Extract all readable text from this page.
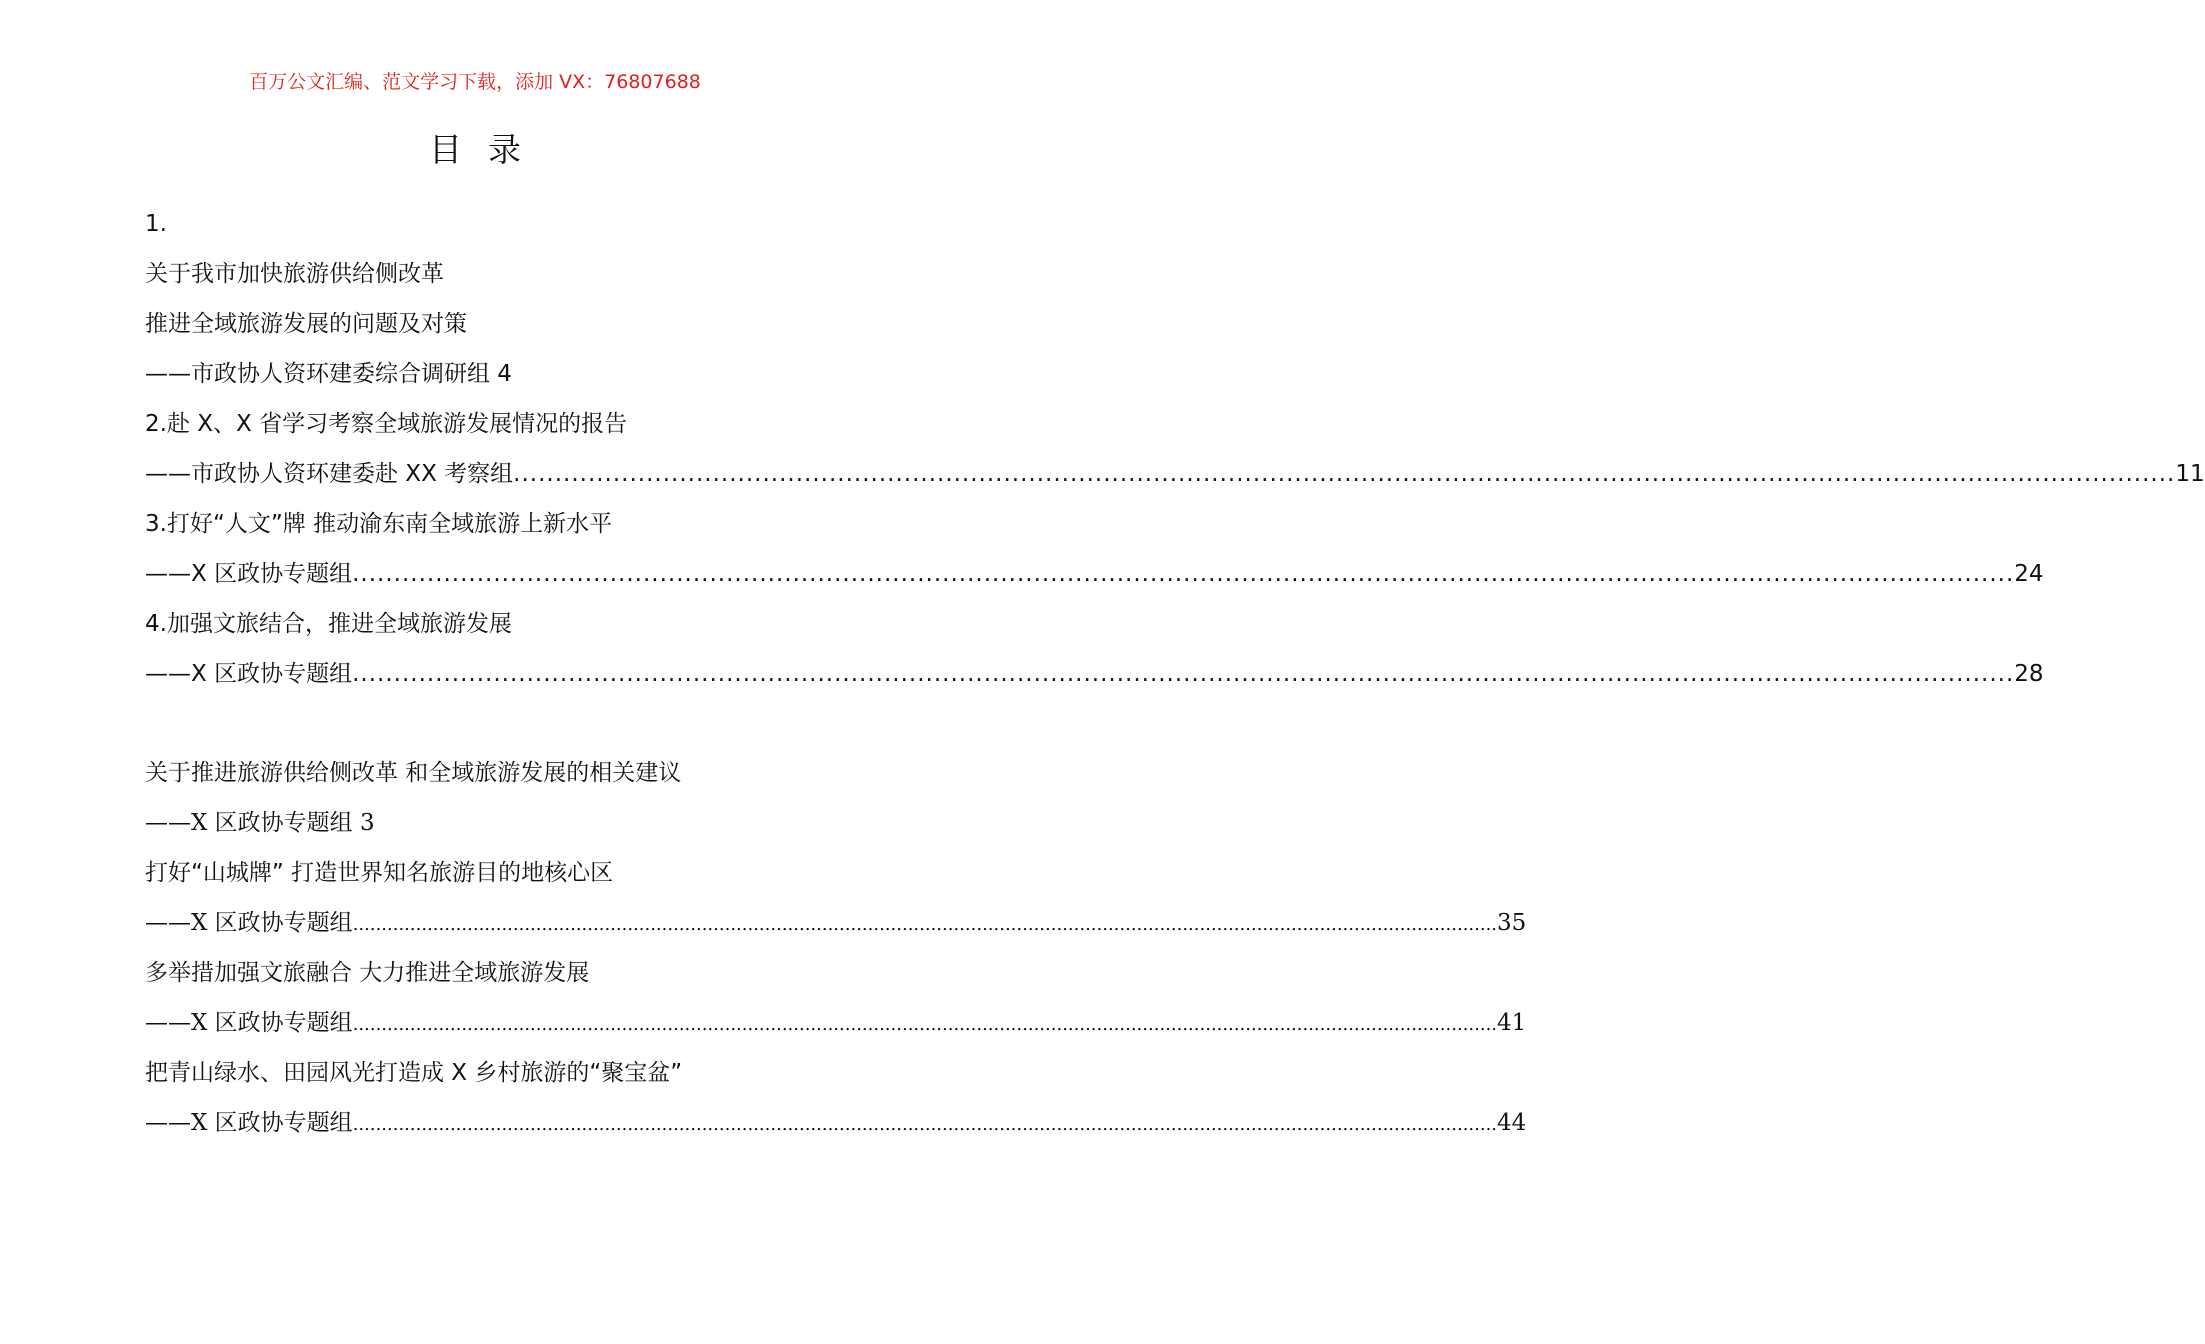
百万公文汇编、范文学习下载，添加 VX：76807688
目录
1.
关于我市加快旅游供给侧改革
推进全域旅游发展的问题及对策
——市政协人资环建委综合调研组 4
2.赴 X、X 省学习考察全域旅游发展情况的报告
——市政协人资环建委赴 XX 考察组 ........................................................................................................................................................................................................ 11
3.打好“人文”牌 推动渝东南全域旅游上新水平
——X 区政协专题组 ........................................................................................................................................................................................................ 24
4.加强文旅结合，推进全域旅游发展
——X 区政协专题组 ........................................................................................................................................................................................................ 28
关于推进旅游供给侧改革 和全域旅游发展的相关建议
——X 区政协专题组 3
打好“山城牌” 打造世界知名旅游目的地核心区
——X 区政协专题组 ........................................................................................................................................................................................................ 35
多举措加强文旅融合 大力推进全域旅游发展
——X 区政协专题组 ........................................................................................................................................................................................................ 41
把青山绿水、田园风光打造成 X 乡村旅游的“聚宝盆”
——X 区政协专题组 ........................................................................................................................................................................................................ 44
